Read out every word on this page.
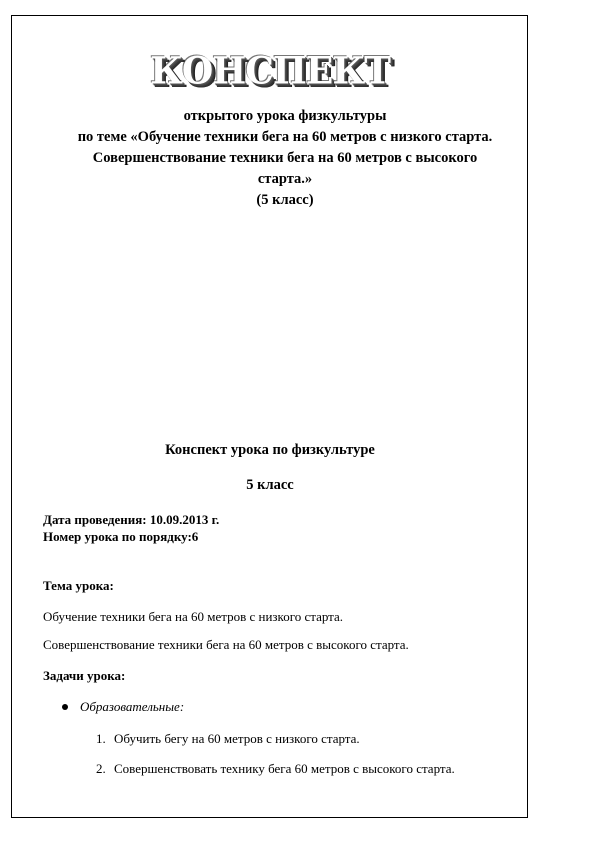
КОНСПЕКТ
открытого урока физкультуры
по теме «Обучение техники бега на 60 метров с низкого старта.
Совершенствование техники бега на 60 метров с высокого
старта.»
(5 класс)
Конспект урока по физкультуре
5 класс
Дата проведения: 10.09.2013 г.
Номер урока по порядку:6
Тема урока:
Обучение техники бега на 60 метров с низкого старта.
Совершенствование техники бега на 60 метров с высокого старта.
Задачи урока:
Образовательные:
1. Обучить бегу на 60 метров с низкого старта.
2. Совершенствовать технику бега 60 метров с высокого старта.
